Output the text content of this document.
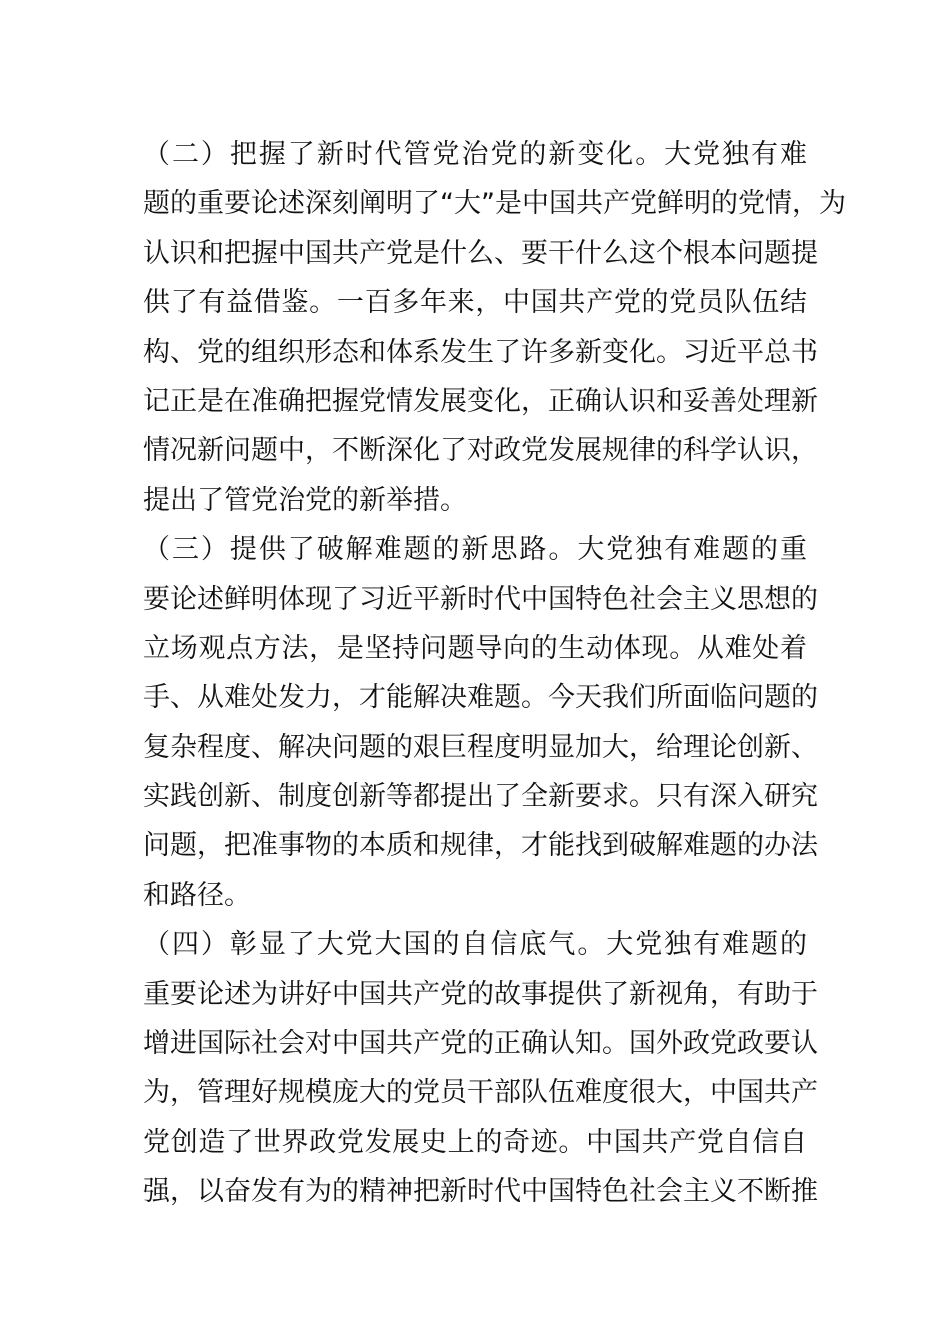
（二）把握了新时代管党治党的新变化。大党独有难
题的重要论述深刻阐明了“大”是中国共产党鲜明的党情，为
认识和把握中国共产党是什么、要干什么这个根本问题提
供了有益借鉴。一百多年来，中国共产党的党员队伍结
构、党的组织形态和体系发生了许多新变化。习近平总书
记正是在准确把握党情发展变化，正确认识和妥善处理新
情况新问题中，不断深化了对政党发展规律的科学认识，
提出了管党治党的新举措。
（三）提供了破解难题的新思路。大党独有难题的重
要论述鲜明体现了习近平新时代中国特色社会主义思想的
立场观点方法，是坚持问题导向的生动体现。从难处着
手、从难处发力，才能解决难题。今天我们所面临问题的
复杂程度、解决问题的艰巨程度明显加大，给理论创新、
实践创新、制度创新等都提出了全新要求。只有深入研究
问题，把准事物的本质和规律，才能找到破解难题的办法
和路径。
（四）彰显了大党大国的自信底气。大党独有难题的
重要论述为讲好中国共产党的故事提供了新视角，有助于
增进国际社会对中国共产党的正确认知。国外政党政要认
为，管理好规模庞大的党员干部队伍难度很大，中国共产
党创造了世界政党发展史上的奇迹。中国共产党自信自
强，以奋发有为的精神把新时代中国特色社会主义不断推
